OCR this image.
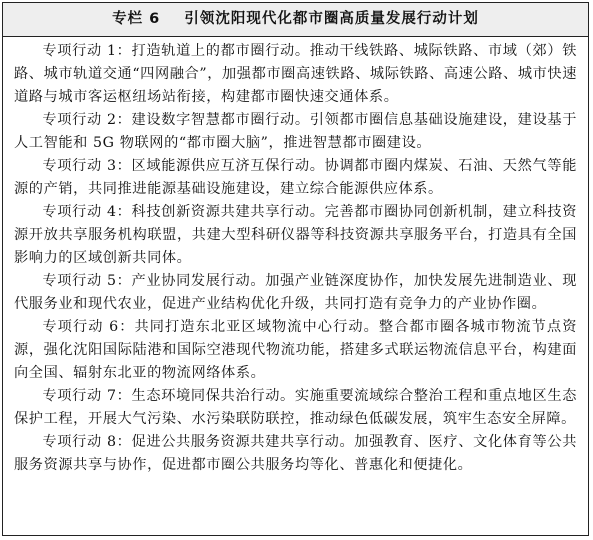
专栏 6 引领沈阳现代化都市圈高质量发展行动计划

专项行动 1：打造轨道上的都市圈行动。推动干线铁路、城际铁路、市域（郊）铁路、城市轨道交通“四网融合”，加强都市圈高速铁路、城际铁路、高速公路、城市快速道路与城市客运枢纽场站衔接，构建都市圈快速交通体系。

专项行动 2：建设数字智慧都市圈行动。引领都市圈信息基础设施建设，建设基于人工智能和 5G 物联网的“都市圈大脑”，推进智慧都市圈建设。

专项行动 3：区域能源供应互济互保行动。协调都市圈内煤炭、石油、天然气等能源的产销，共同推进能源基础设施建设，建立综合能源供应体系。

专项行动 4：科技创新资源共建共享行动。完善都市圈协同创新机制，建立科技资源开放共享服务机构联盟，共建大型科研仪器等科技资源共享服务平台，打造具有全国影响力的区域创新共同体。

专项行动 5：产业协同发展行动。加强产业链深度协作，加快发展先进制造业、现代服务业和现代农业，促进产业结构优化升级，共同打造有竞争力的产业协作圈。

专项行动 6：共同打造东北亚区域物流中心行动。整合都市圈各城市物流节点资源，强化沈阳国际陆港和国际空港现代物流功能，搭建多式联运物流信息平台，构建面向全国、辐射东北亚的物流网络体系。

专项行动 7：生态环境同保共治行动。实施重要流域综合整治工程和重点地区生态保护工程，开展大气污染、水污染联防联控，推动绿色低碳发展，筑牢生态安全屏障。

专项行动 8：促进公共服务资源共建共享行动。加强教育、医疗、文化体育等公共服务资源共享与协作，促进都市圈公共服务均等化、普惠化和便捷化。
